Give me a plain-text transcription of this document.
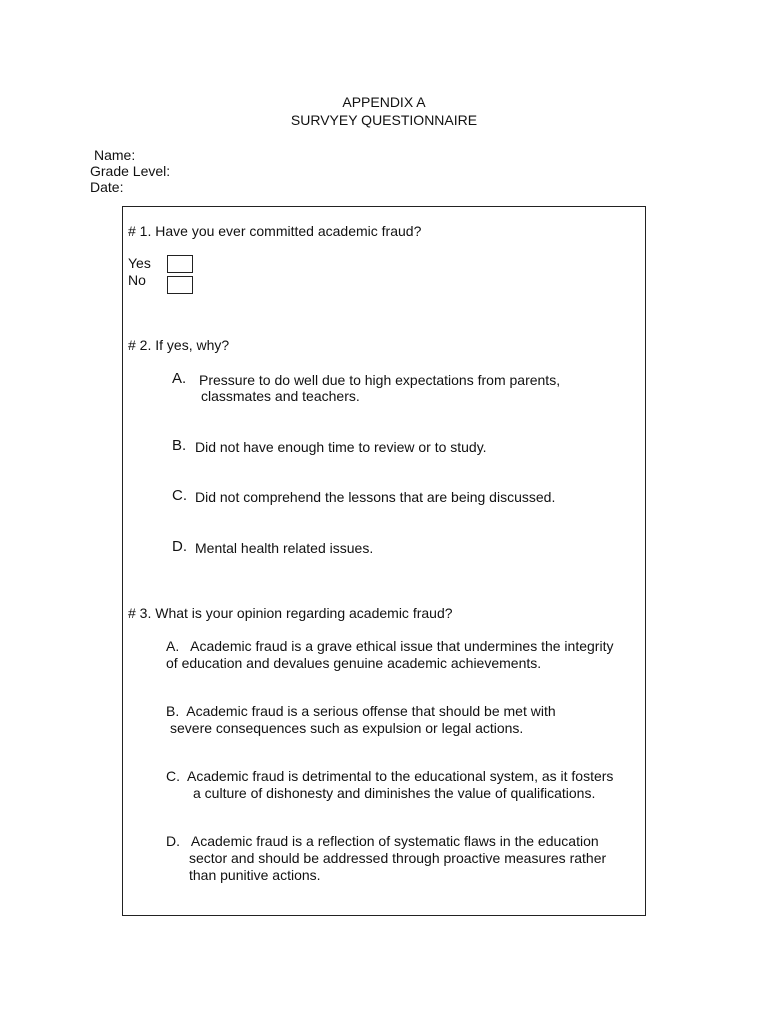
APPENDIX A
SURVYEY QUESTIONNAIRE
Name:
Grade Level:
Date:
# 1. Have you ever committed academic fraud?
Yes
No
# 2. If yes, why?
A. Pressure to do well due to high expectations from parents,
classmates and teachers.
B. Did not have enough time to review or to study.
C. Did not comprehend the lessons that are being discussed.
D. Mental health related issues.
# 3. What is your opinion regarding academic fraud?
A.   Academic fraud is a grave ethical issue that undermines the integrity
of education and devalues genuine academic achievements.
B.  Academic fraud is a serious offense that should be met with
severe consequences such as expulsion or legal actions.
C.  Academic fraud is detrimental to the educational system, as it fosters
a culture of dishonesty and diminishes the value of qualifications.
D.   Academic fraud is a reflection of systematic flaws in the education
sector and should be addressed through proactive measures rather
than punitive actions.
